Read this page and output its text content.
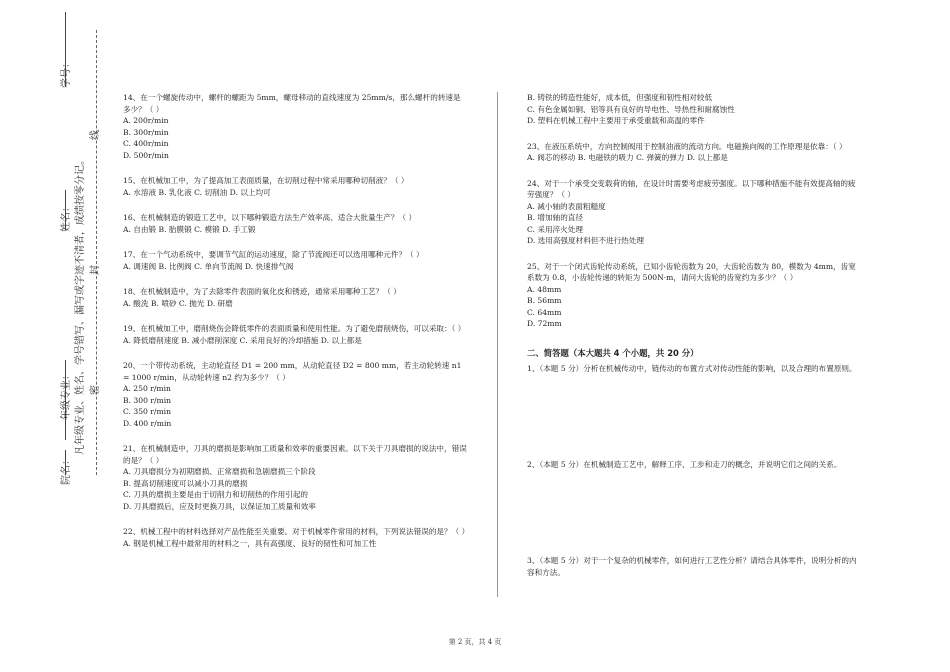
学号：
姓名：
年级专业：
院名：
凡年级专业、姓名、学号错写、漏写或字迹不清者，成绩按零分记。
线
封
密

14、在一个螺旋传动中，螺杆的螺距为 5mm，螺母移动的直线速度为 25mm/s，那么螺杆的转速是多少？（ ）

A. 200r/min

B. 300r/min

C. 400r/min

D. 500r/min

15、在机械加工中，为了提高加工表面质量，在切削过程中常采用哪种切削液？（ ）

A. 水溶液 B. 乳化液 C. 切削油 D. 以上均可

16、在机械制造的锻造工艺中，以下哪种锻造方法生产效率高、适合大批量生产？（ ）

A. 自由锻 B. 胎膜锻 C. 模锻 D. 手工锻

17、在一个气动系统中，要调节气缸的运动速度，除了节流阀还可以选用哪种元件？（ ）

A. 调速阀 B. 比例阀 C. 单向节流阀 D. 快速排气阀

18、在机械制造中，为了去除零件表面的氧化皮和锈迹，通常采用哪种工艺？（ ）

A. 酸洗 B. 喷砂 C. 抛光 D. 研磨

19、在机械加工中，磨削烧伤会降低零件的表面质量和使用性能。为了避免磨削烧伤，可以采取：（ ）

A. 降低磨削速度 B. 减小磨削深度 C. 采用良好的冷却措施 D. 以上都是

20、一个带传动系统，主动轮直径 D1 = 200 mm，从动轮直径 D2 = 800 mm，若主动轮转速 n1 = 1000 r/min，从动轮转速 n2 约为多少？（ ）

A. 250 r/min

B. 300 r/min

C. 350 r/min

D. 400 r/min

21、在机械制造中，刀具的磨损是影响加工质量和效率的重要因素。以下关于刀具磨损的说法中，错误的是？（ ）

A. 刀具磨损分为初期磨损、正常磨损和急剧磨损三个阶段

B. 提高切削速度可以减小刀具的磨损

C. 刀具的磨损主要是由于切削力和切削热的作用引起的

D. 刀具磨损后，应及时更换刀具，以保证加工质量和效率

22、机械工程中的材料选择对产品性能至关重要。对于机械零件常用的材料，下列说法错误的是？（ ）

A. 钢是机械工程中最常用的材料之一，具有高强度、良好的韧性和可加工性

B. 铸铁的铸造性能好，成本低，但强度和韧性相对较低

C. 有色金属如铜、铝等具有良好的导电性、导热性和耐腐蚀性

D. 塑料在机械工程中主要用于承受重载和高温的零件

23、在液压系统中，方向控制阀用于控制油液的流动方向。电磁换向阀的工作原理是依靠：（ ）

A. 阀芯的移动 B. 电磁铁的吸力 C. 弹簧的弹力 D. 以上都是

24、对于一个承受交变载荷的轴，在设计时需要考虑疲劳强度。以下哪种措施不能有效提高轴的疲劳强度？（ ）

A. 减小轴的表面粗糙度

B. 增加轴的直径

C. 采用淬火处理

D. 选用高强度材料但不进行热处理

25、对于一个闭式齿轮传动系统，已知小齿轮齿数为 20，大齿轮齿数为 80，模数为 4mm，齿宽系数为 0.8，小齿轮传递的转矩为 500N·m，请问大齿轮的齿宽约为多少？（ ）

A. 48mm

B. 56mm

C. 64mm

D. 72mm

二、简答题（本大题共 4 个小题，共 20 分）

1、（本题 5 分）分析在机械传动中，链传动的布置方式对传动性能的影响，以及合理的布置原则。

2、（本题 5 分）在机械制造工艺中，解释工序、工步和走刀的概念，并说明它们之间的关系。

3、（本题 5 分）对于一个复杂的机械零件，如何进行工艺性分析？请结合具体零件，说明分析的内容和方法。

第 2 页，共 4 页
